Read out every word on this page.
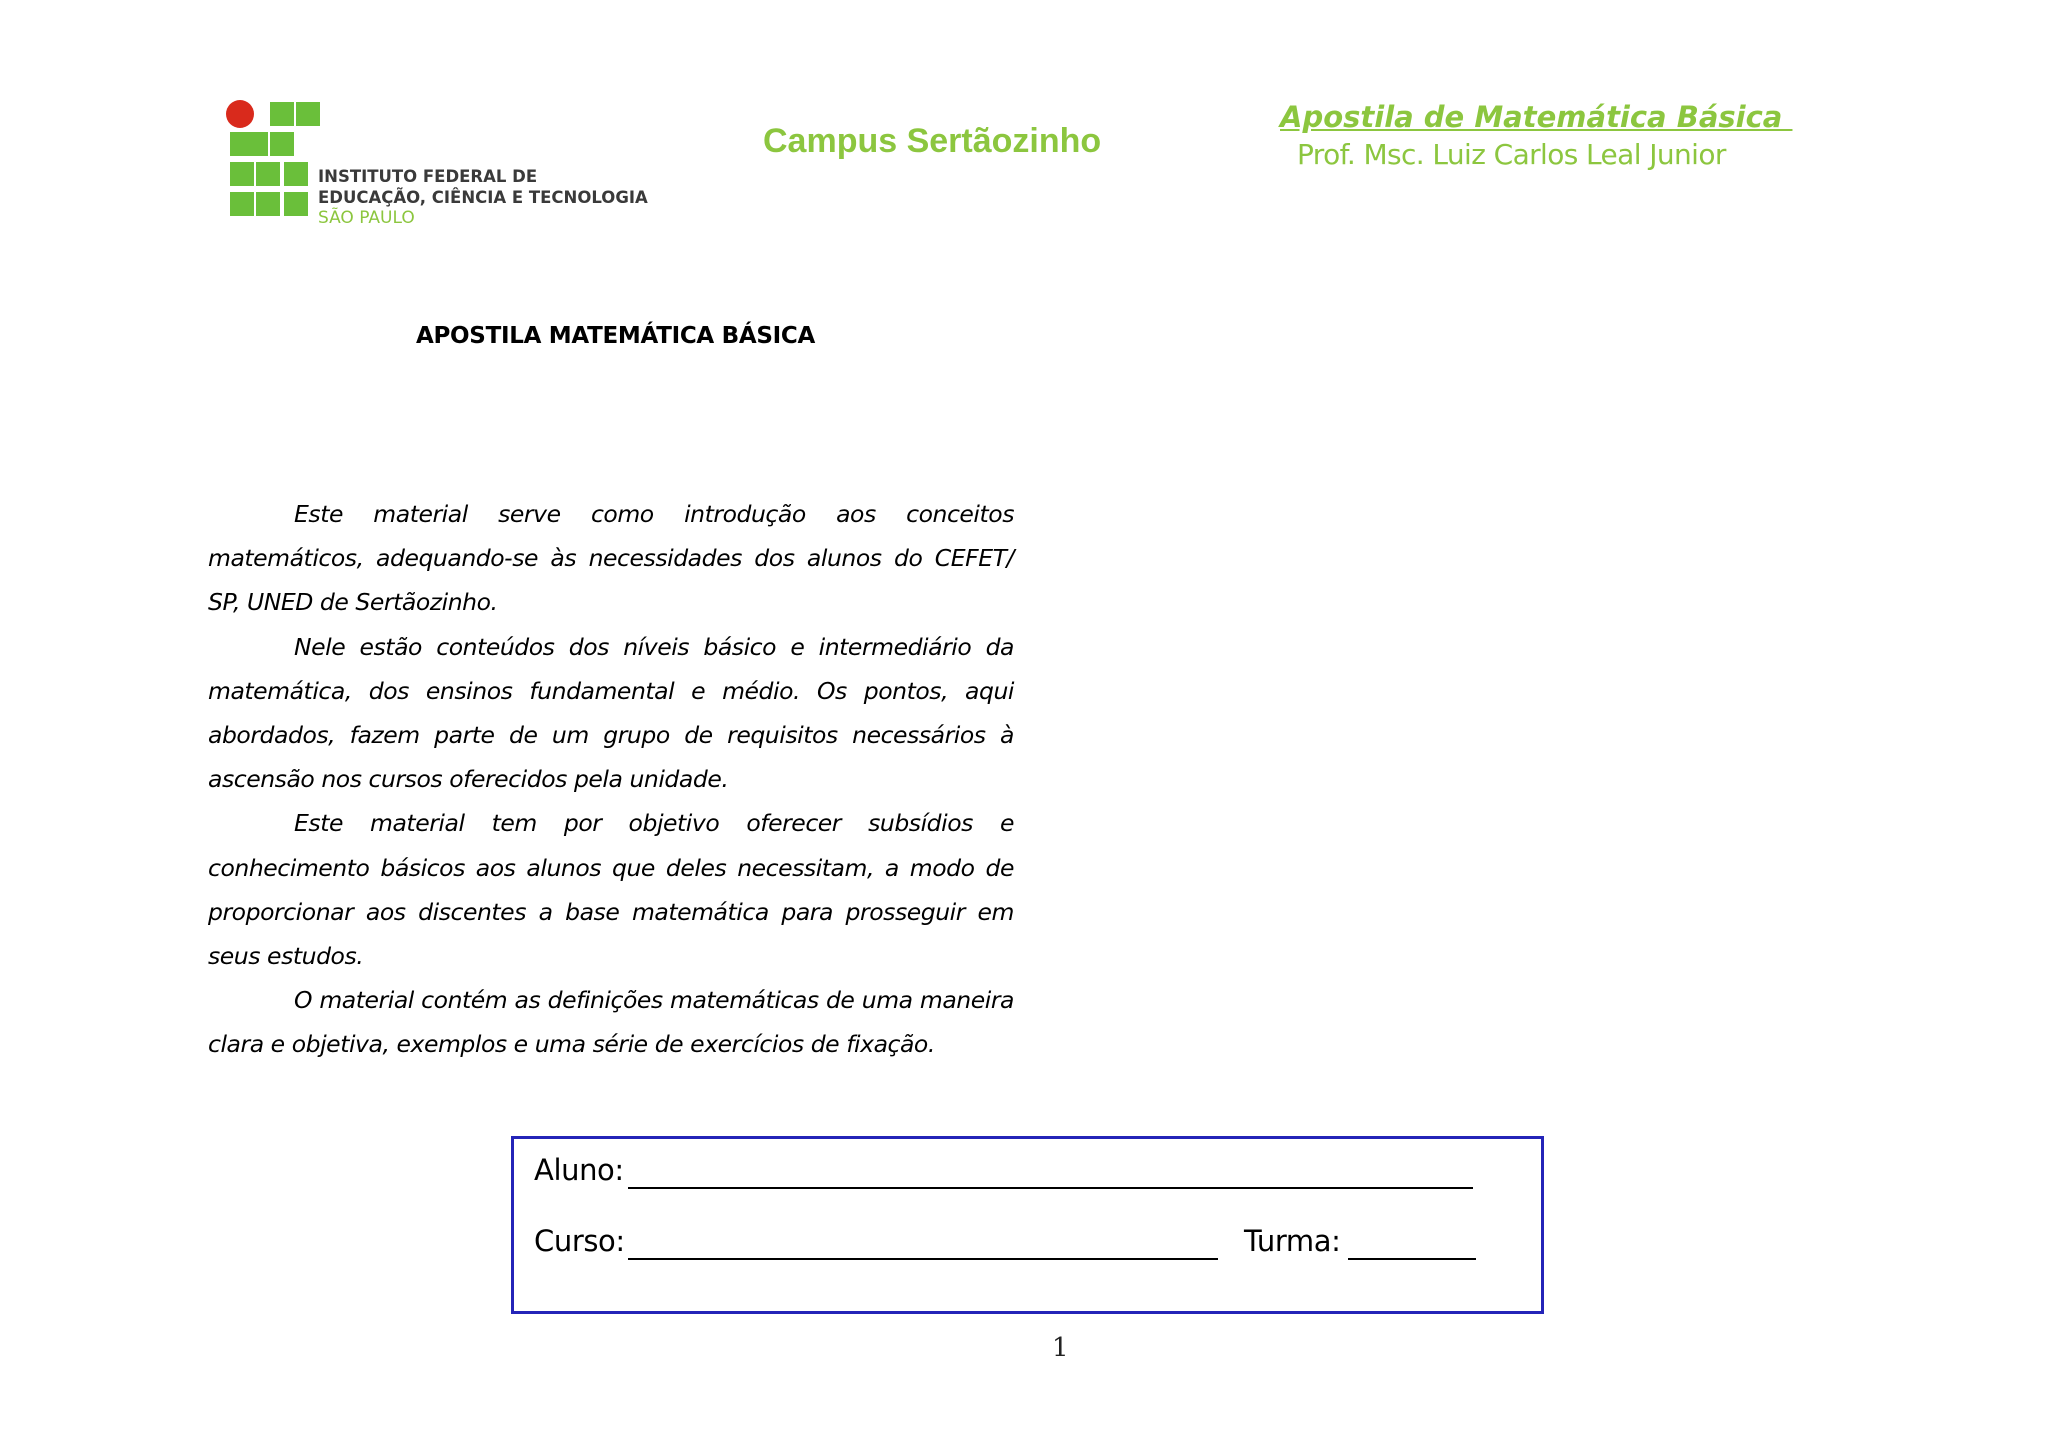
INSTITUTO FEDERAL DE
EDUCAÇÃO, CIÊNCIA E TECNOLOGIA
SÃO PAULO
Campus Sertãozinho
Apostila de Matemática Básica
Prof. Msc. Luiz Carlos Leal Junior
APOSTILA MATEMÁTICA BÁSICA

Este material serve como introdução aos conceitos matemáticos, adequando-se às necessidades dos alunos do CEFET/ SP, UNED de Sertãozinho.

Nele estão conteúdos dos níveis básico e intermediário da matemática, dos ensinos fundamental e médio. Os pontos, aqui abordados, fazem parte de um grupo de requisitos necessários à ascensão nos cursos oferecidos pela unidade.

Este material tem por objetivo oferecer subsídios e conhecimento básicos aos alunos que deles necessitam, a modo de proporcionar aos discentes a base matemática para prosseguir em seus estudos.

O material contém as definições matemáticas de uma maneira clara e objetiva, exemplos e uma série de exercícios de fixação.

Aluno:
Curso:	Turma:
1
